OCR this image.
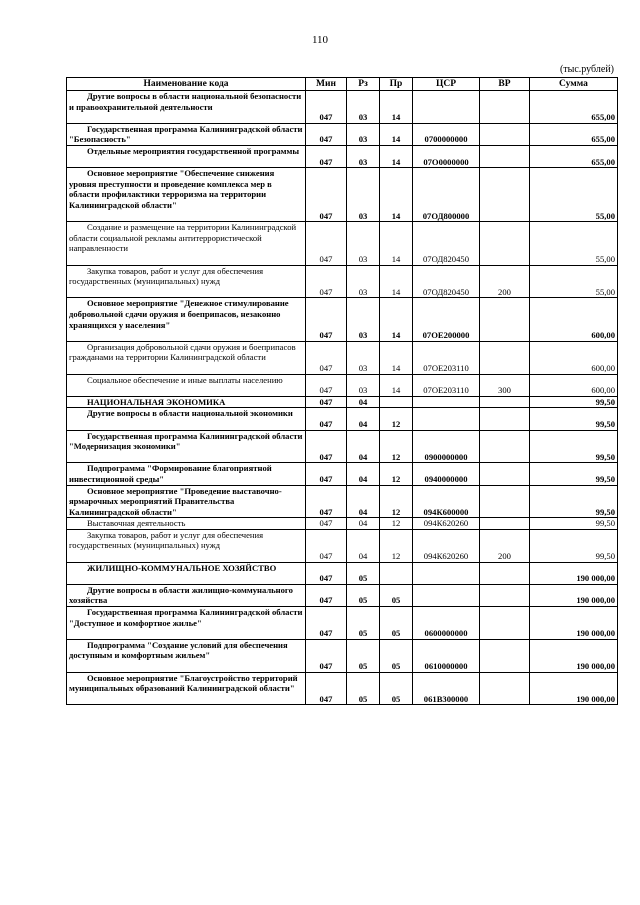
110
(тыс.рублей)
Наименование кода	Мин	Рз	Пр	ЦСР	ВР	Сумма
Другие вопросы в области национальной безопасности и правоохранительной деятельности	047	03	14			655,00
Государственная программа Калининградской области "Безопасность"	047	03	14	0700000000		655,00
Отдельные мероприятия государственной программы	047	03	14	07О0000000		655,00
Основное мероприятие "Обеспечение снижения уровня преступности и проведение комплекса мер в области профилактики терроризма на территории Калининградской области"	047	03	14	07ОД800000		55,00
Создание и размещение на территории Калининградской области социальной рекламы антитеррористической направленности	047	03	14	07ОД820450		55,00
Закупка товаров, работ и услуг для обеспечения государственных (муниципальных) нужд	047	03	14	07ОД820450	200	55,00
Основное мероприятие "Денежное стимулирование добровольной сдачи оружия и боеприпасов, незаконно хранящихся у населения"	047	03	14	07ОЕ200000		600,00
Организация добровольной сдачи оружия и боеприпасов гражданами на территории Калининградской области	047	03	14	07ОЕ203110		600,00
Социальное обеспечение и иные выплаты населению	047	03	14	07ОЕ203110	300	600,00
НАЦИОНАЛЬНАЯ ЭКОНОМИКА	047	04				99,50
Другие вопросы в области национальной экономики	047	04	12			99,50
Государственная программа Калининградской области "Модернизация экономики"	047	04	12	0900000000		99,50
Подпрограмма "Формирование благоприятной инвестиционной среды"	047	04	12	0940000000		99,50
Основное мероприятие "Проведение выставочно-ярмарочных мероприятий Правительства Калининградской области"	047	04	12	094К600000		99,50
Выставочная деятельность	047	04	12	094К620260		99,50
Закупка товаров, работ и услуг для обеспечения государственных (муниципальных) нужд	047	04	12	094К620260	200	99,50
ЖИЛИЩНО-КОММУНАЛЬНОЕ ХОЗЯЙСТВО	047	05				190 000,00
Другие вопросы в области жилищно-коммунального хозяйства	047	05	05			190 000,00
Государственная программа Калининградской области "Доступное и комфортное жилье"	047	05	05	0600000000		190 000,00
Подпрограмма "Создание условий для обеспечения доступным и комфортным жильем"	047	05	05	0610000000		190 000,00
Основное мероприятие "Благоустройство территорий муниципальных образований Калининградской области"	047	05	05	061В300000		190 000,00
